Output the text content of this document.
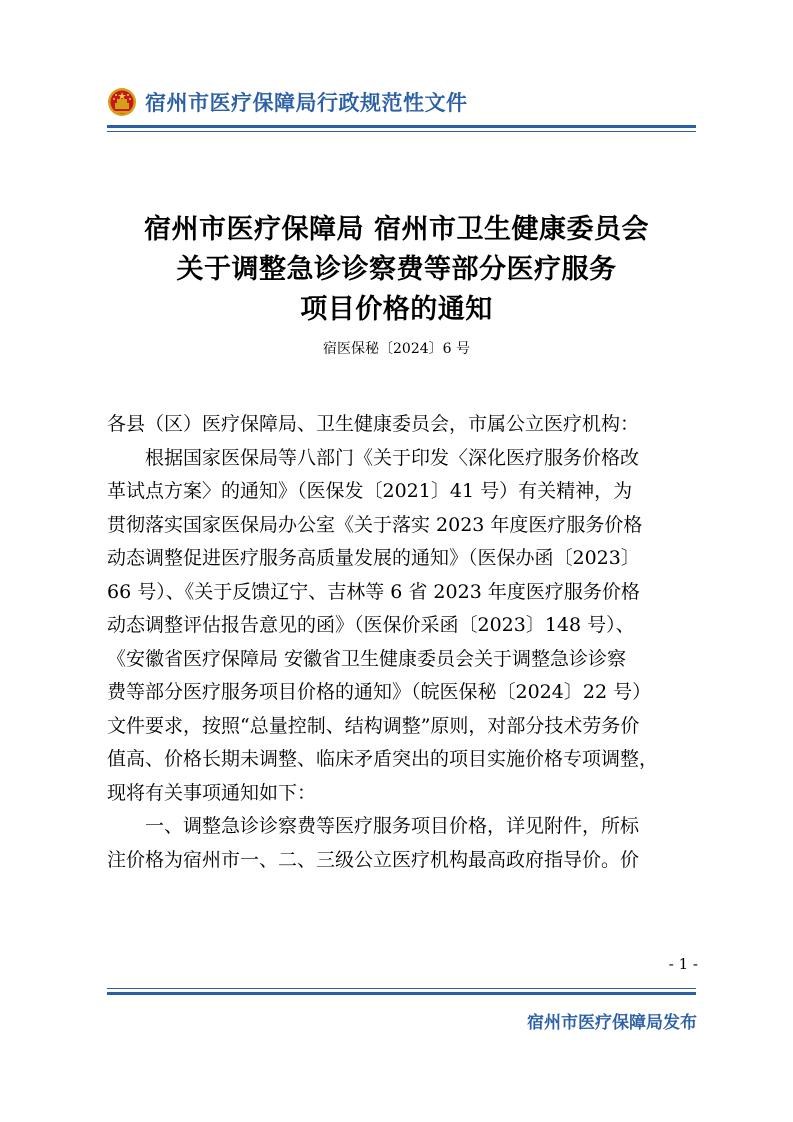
宿州市医疗保障局行政规范性文件
宿州市医疗保障局 宿州市卫生健康委员会
关于调整急诊诊察费等部分医疗服务
项目价格的通知
宿医保秘〔2024〕6 号
各县（区）医疗保障局、卫生健康委员会，市属公立医疗机构：
根据国家医保局等八部门《关于印发〈深化医疗服务价格改
革试点方案〉的通知》（医保发〔2021〕41 号）有关精神，为
贯彻落实国家医保局办公室《关于落实 2023 年度医疗服务价格
动态调整促进医疗服务高质量发展的通知》（医保办函〔2023〕
66 号）、《关于反馈辽宁、吉林等 6 省 2023 年度医疗服务价格
动态调整评估报告意见的函》（医保价采函〔2023〕148 号）、
《安徽省医疗保障局 安徽省卫生健康委员会关于调整急诊诊察
费等部分医疗服务项目价格的通知》（皖医保秘〔2024〕22 号）
文件要求，按照“总量控制、结构调整”原则，对部分技术劳务价
值高、价格长期未调整、临床矛盾突出的项目实施价格专项调整，
现将有关事项通知如下：
一、调整急诊诊察费等医疗服务项目价格，详见附件，所标
注价格为宿州市一、二、三级公立医疗机构最高政府指导价。价
- 1 -
宿州市医疗保障局发布
